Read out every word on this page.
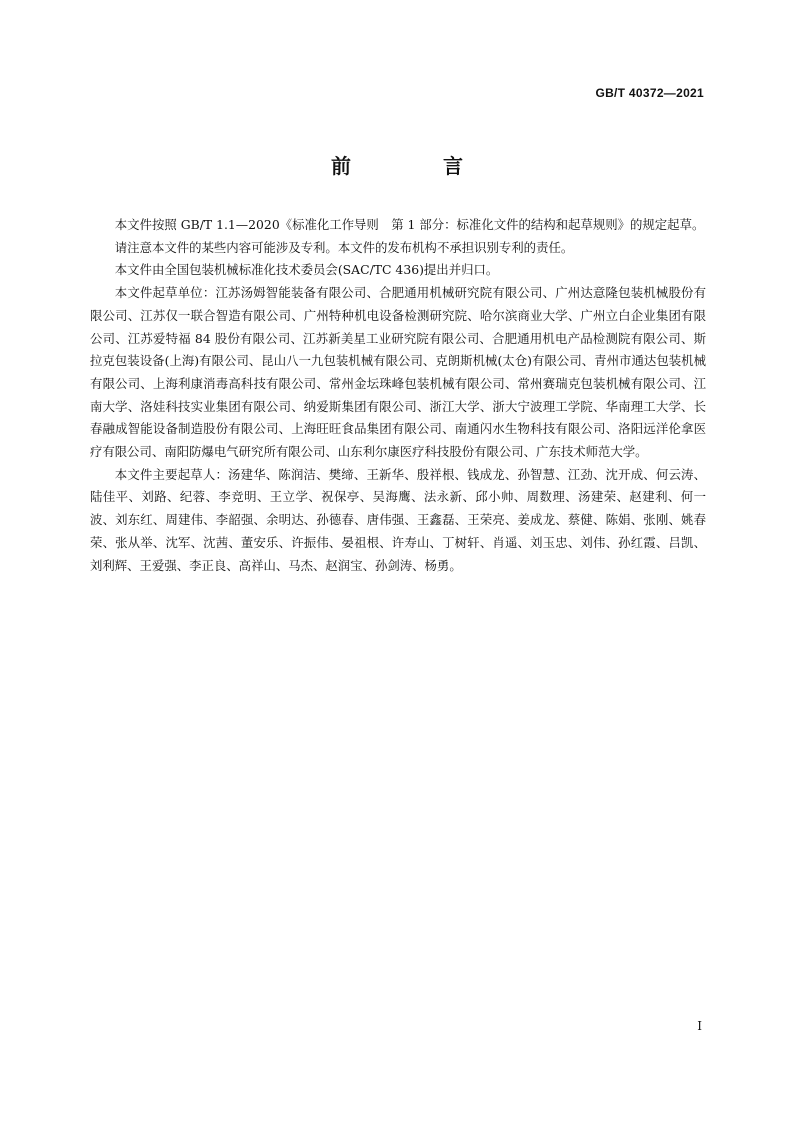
GB/T 40372—2021
前　言

本文件按照 GB/T 1.1—2020《标准化工作导则　第 1 部分：标准化文件的结构和起草规则》的规定起草。

请注意本文件的某些内容可能涉及专利。本文件的发布机构不承担识别专利的责任。

本文件由全国包装机械标准化技术委员会(SAC/TC 436)提出并归口。

本文件起草单位：江苏汤姆智能装备有限公司、合肥通用机械研究院有限公司、广州达意隆包装机械股份有限公司、江苏仅一联合智造有限公司、广州特种机电设备检测研究院、哈尔滨商业大学、广州立白企业集团有限公司、江苏爱特福 84 股份有限公司、江苏新美星工业研究院有限公司、合肥通用机电产品检测院有限公司、斯拉克包装设备(上海)有限公司、昆山八一九包装机械有限公司、克朗斯机械(太仓)有限公司、青州市通达包装机械有限公司、上海利康消毒高科技有限公司、常州金坛珠峰包装机械有限公司、常州赛瑞克包装机械有限公司、江南大学、洛娃科技实业集团有限公司、纳爱斯集团有限公司、浙江大学、浙大宁波理工学院、华南理工大学、长春融成智能设备制造股份有限公司、上海旺旺食品集团有限公司、南通闪水生物科技有限公司、洛阳远洋伦拿医疗有限公司、南阳防爆电气研究所有限公司、山东利尔康医疗科技股份有限公司、广东技术师范大学。

本文件主要起草人：汤建华、陈润洁、樊缔、王新华、殷祥根、钱成龙、孙智慧、江劲、沈开成、何云涛、陆佳平、刘路、纪蓉、李竞明、王立学、祝保亭、吴海鹰、法永新、邱小帅、周数理、汤建荣、赵建利、何一波、刘东红、周建伟、李韶强、余明达、孙德春、唐伟强、王鑫磊、王荣亮、姜成龙、蔡健、陈娟、张刚、姚春荣、张从举、沈军、沈茜、董安乐、许振伟、晏祖根、许寿山、丁树轩、肖遥、刘玉忠、刘伟、孙红霞、吕凯、刘利辉、王爱强、李正良、高祥山、马杰、赵润宝、孙剑涛、杨勇。

I
